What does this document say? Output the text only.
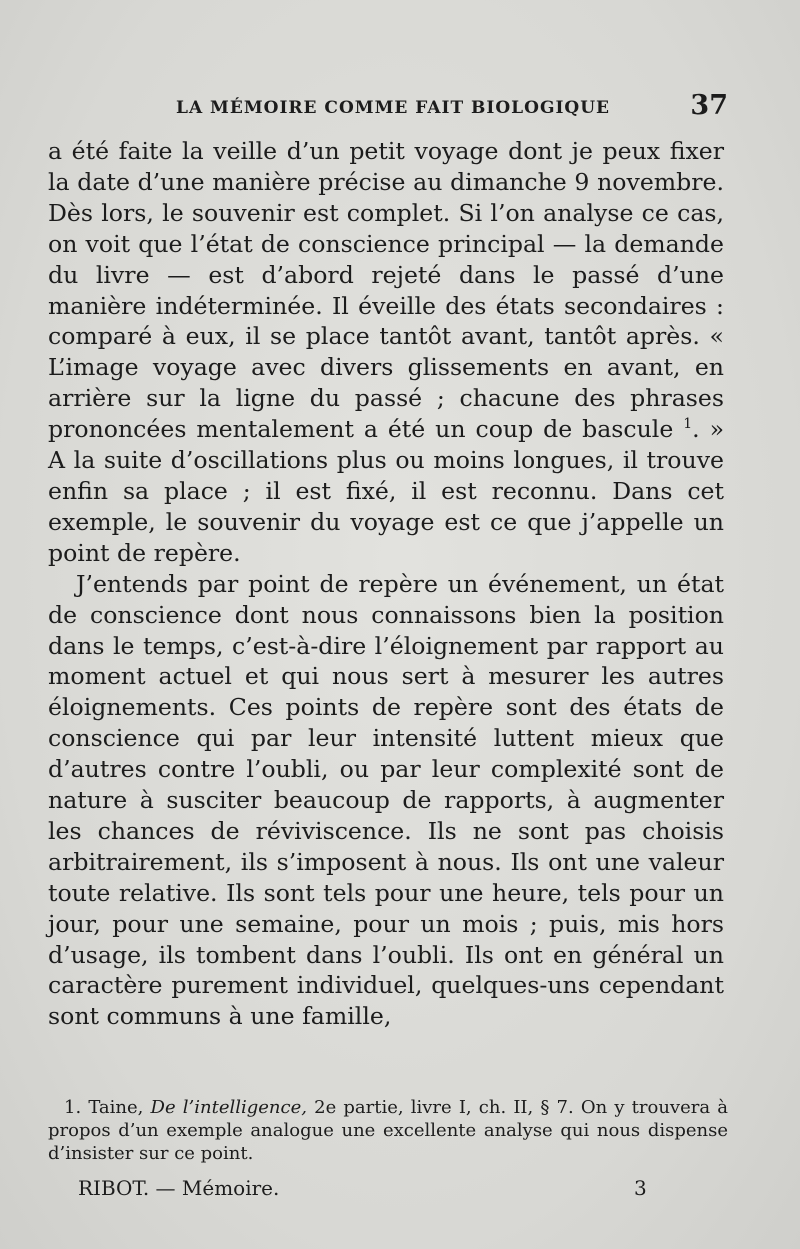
LA MÉMOIRE COMME FAIT BIOLOGIQUE	37

a été faite la veille d’un petit voyage dont je peux fixer la date d’une manière précise au dimanche 9 novembre. Dès lors, le souvenir est complet. Si l’on analyse ce cas, on voit que l’état de conscience principal — la demande du livre — est d’abord rejeté dans le passé d’une manière indéterminée. Il éveille des états secondaires : comparé à eux, il se place tantôt avant, tantôt après. « L’image voyage avec divers glissements en avant, en arrière sur la ligne du passé ; chacune des phrases prononcées mentalement a été un coup de bascule $^1$. » A la suite d’oscillations plus ou moins longues, il trouve enfin sa place ; il est fixé, il est reconnu. Dans cet exemple, le souvenir du voyage est ce que j’appelle un point de repère.

J’entends par point de repère un événement, un état de conscience dont nous connaissons bien la position dans le temps, c’est-à-dire l’éloignement par rapport au moment actuel et qui nous sert à mesurer les autres éloignements. Ces points de repère sont des états de conscience qui par leur intensité luttent mieux que d’autres contre l’oubli, ou par leur complexité sont de nature à susciter beaucoup de rapports, à augmenter les chances de réviviscence. Ils ne sont pas choisis arbitrairement, ils s’imposent à nous. Ils ont une valeur toute relative. Ils sont tels pour une heure, tels pour un jour, pour une semaine, pour un mois ; puis, mis hors d’usage, ils tombent dans l’oubli. Ils ont en général un caractère purement individuel, quelques-uns cependant sont communs à une famille,

1. Taine, De l’intelligence, 2e partie, livre I, ch. II, § 7. On y trouvera à propos d’un exemple analogue une excellente analyse qui nous dispense d’insister sur ce point.

RIBOT. — Mémoire.	3
